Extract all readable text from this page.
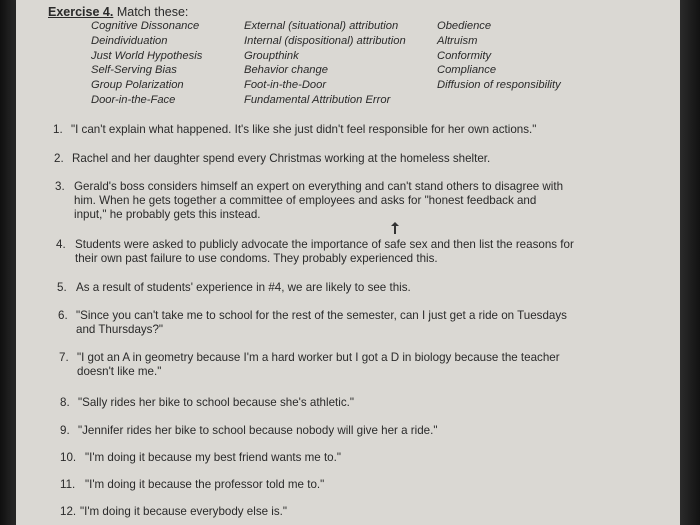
Exercise 4. Match these:
Cognitive Dissonance
Deindividuation
Just World Hypothesis
Self-Serving Bias
Group Polarization
Door-in-the-Face
External (situational) attribution
Internal (dispositional) attribution
Groupthink
Behavior change
Foot-in-the-Door
Fundamental Attribution Error
Obedience
Altruism
Conformity
Compliance
Diffusion of responsibility
1. "I can't explain what happened. It's like she just didn't feel responsible for her own actions."
2. Rachel and her daughter spend every Christmas working at the homeless shelter.
3. Gerald's boss considers himself an expert on everything and can't stand others to disagree with
him. When he gets together a committee of employees and asks for "honest feedback and
input," he probably gets this instead.
4. Students were asked to publicly advocate the importance of safe sex and then list the reasons for
their own past failure to use condoms. They probably experienced this.
5. As a result of students' experience in #4, we are likely to see this.
6. "Since you can't take me to school for the rest of the semester, can I just get a ride on Tuesdays
and Thursdays?"
7. "I got an A in geometry because I'm a hard worker but I got a D in biology because the teacher
doesn't like me."
8. "Sally rides her bike to school because she's athletic."
9. "Jennifer rides her bike to school because nobody will give her a ride."
10. "I'm doing it because my best friend wants me to."
11. "I'm doing it because the professor told me to."
12. "I'm doing it because everybody else is."
